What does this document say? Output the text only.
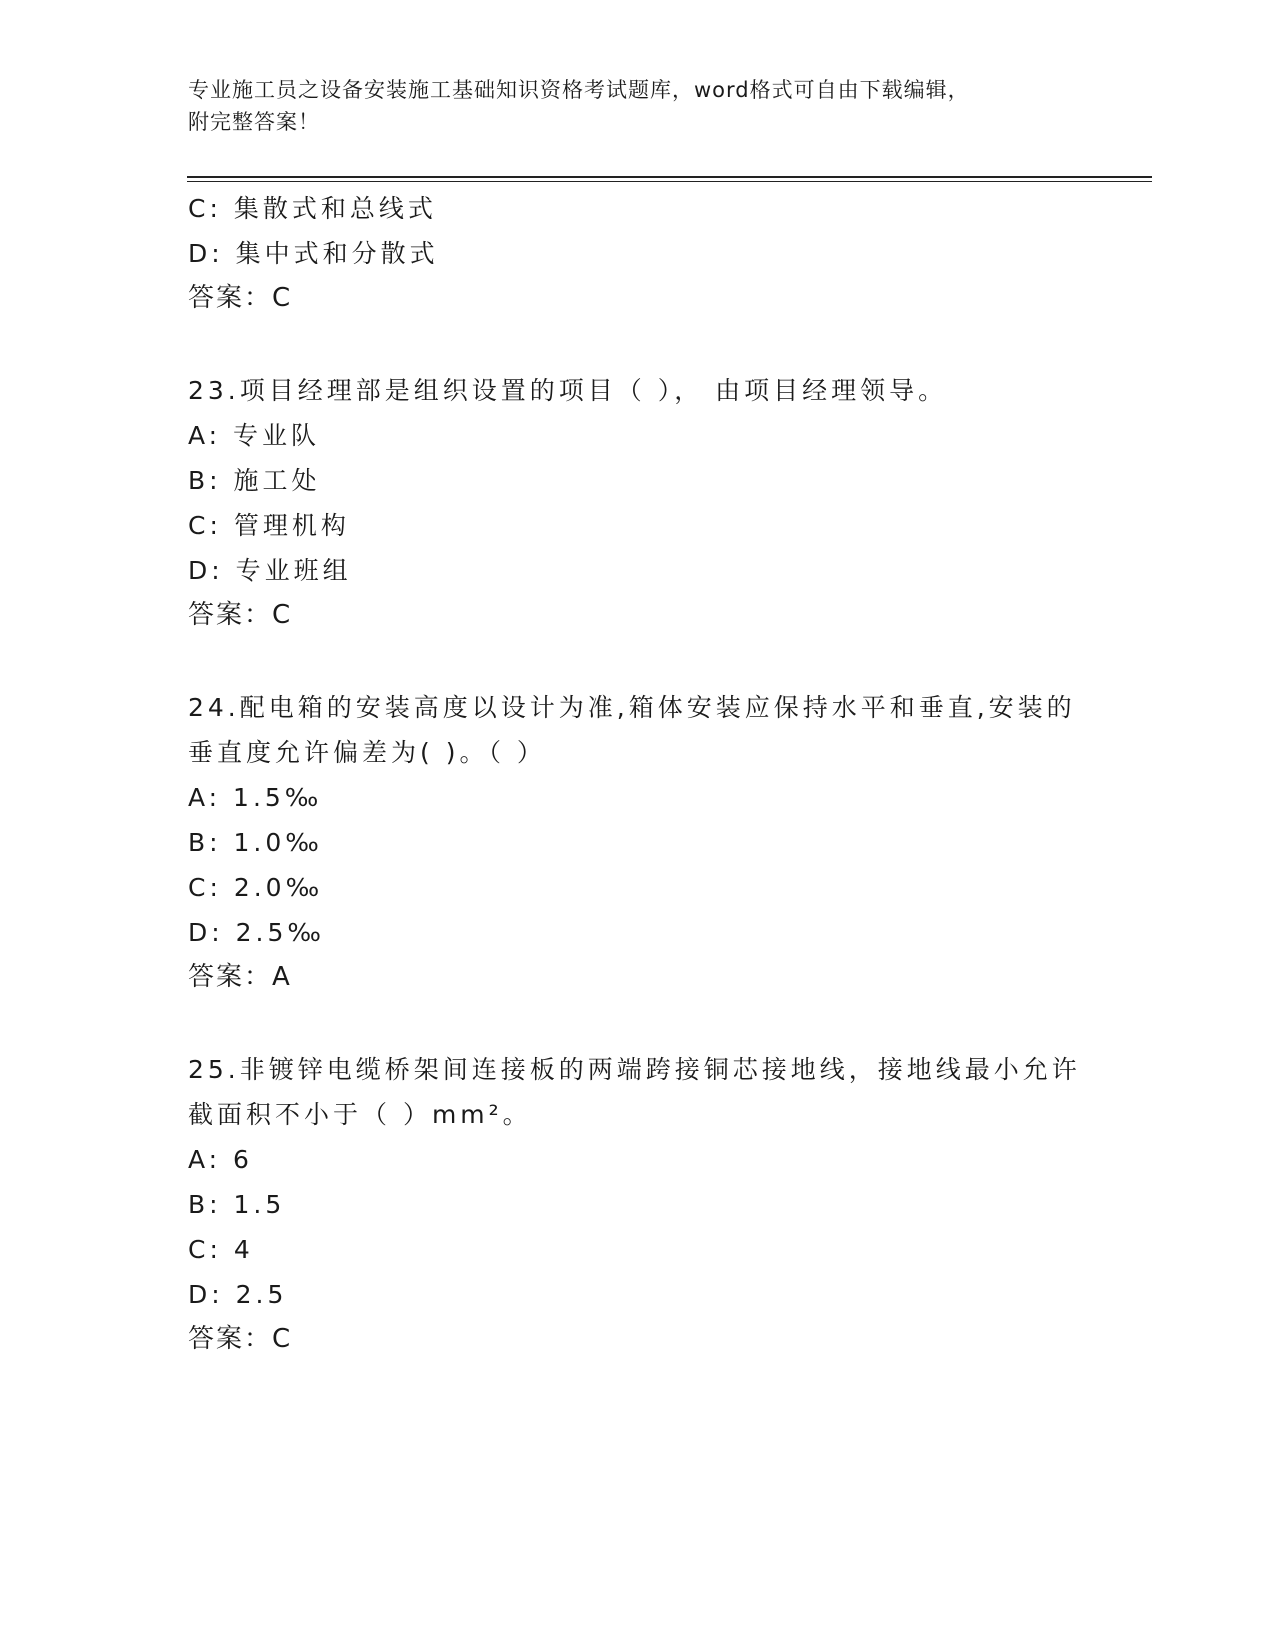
专业施工员之设备安装施工基础知识资格考试题库，word格式可自由下载编辑，
附完整答案！
C: 集散式和总线式
D: 集中式和分散式
答案：C
23.项目经理部是组织设置的项目（ ）， 由项目经理领导。
A: 专业队
B: 施工处
C: 管理机构
D: 专业班组
答案：C
24.配电箱的安装高度以设计为准,箱体安装应保持水平和垂直,安装的
垂直度允许偏差为( )。（ ）
A: 1.5‰
B: 1.0‰
C: 2.0‰
D: 2.5‰
答案：A
25.非镀锌电缆桥架间连接板的两端跨接铜芯接地线，接地线最小允许
截面积不小于（ ）mm²。
A: 6
B: 1.5
C: 4
D: 2.5
答案：C
